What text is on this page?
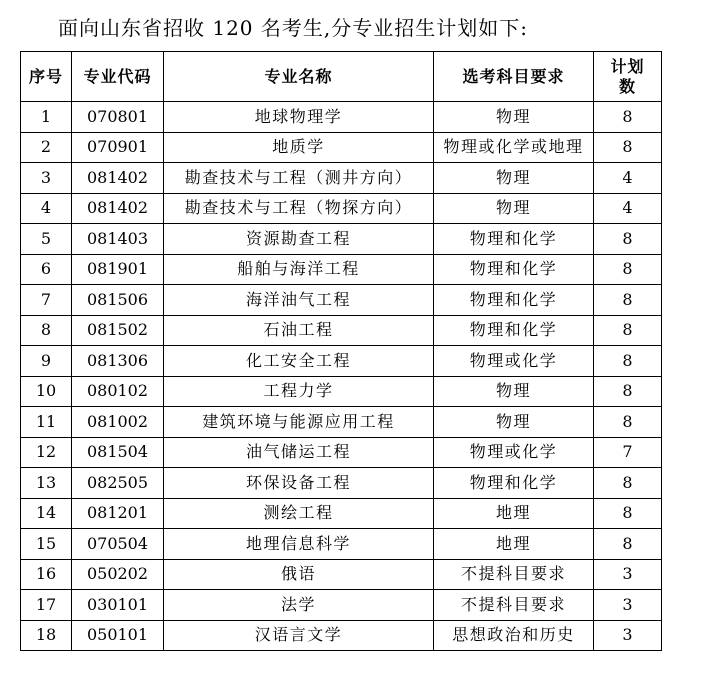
面向山东省招收 120 名考生,分专业招生计划如下:
序号	专业代码	专业名称	选考科目要求	计划
数

1	070801	地球物理学	物理	8
2	070901	地质学	物理或化学或地理	8
3	081402	勘查技术与工程（测井方向）	物理	4
4	081402	勘查技术与工程（物探方向）	物理	4
5	081403	资源勘查工程	物理和化学	8
6	081901	船舶与海洋工程	物理和化学	8
7	081506	海洋油气工程	物理和化学	8
8	081502	石油工程	物理和化学	8
9	081306	化工安全工程	物理或化学	8
10	080102	工程力学	物理	8
11	081002	建筑环境与能源应用工程	物理	8
12	081504	油气储运工程	物理或化学	7
13	082505	环保设备工程	物理和化学	8
14	081201	测绘工程	地理	8
15	070504	地理信息科学	地理	8
16	050202	俄语	不提科目要求	3
17	030101	法学	不提科目要求	3
18	050101	汉语言文学	思想政治和历史	3
